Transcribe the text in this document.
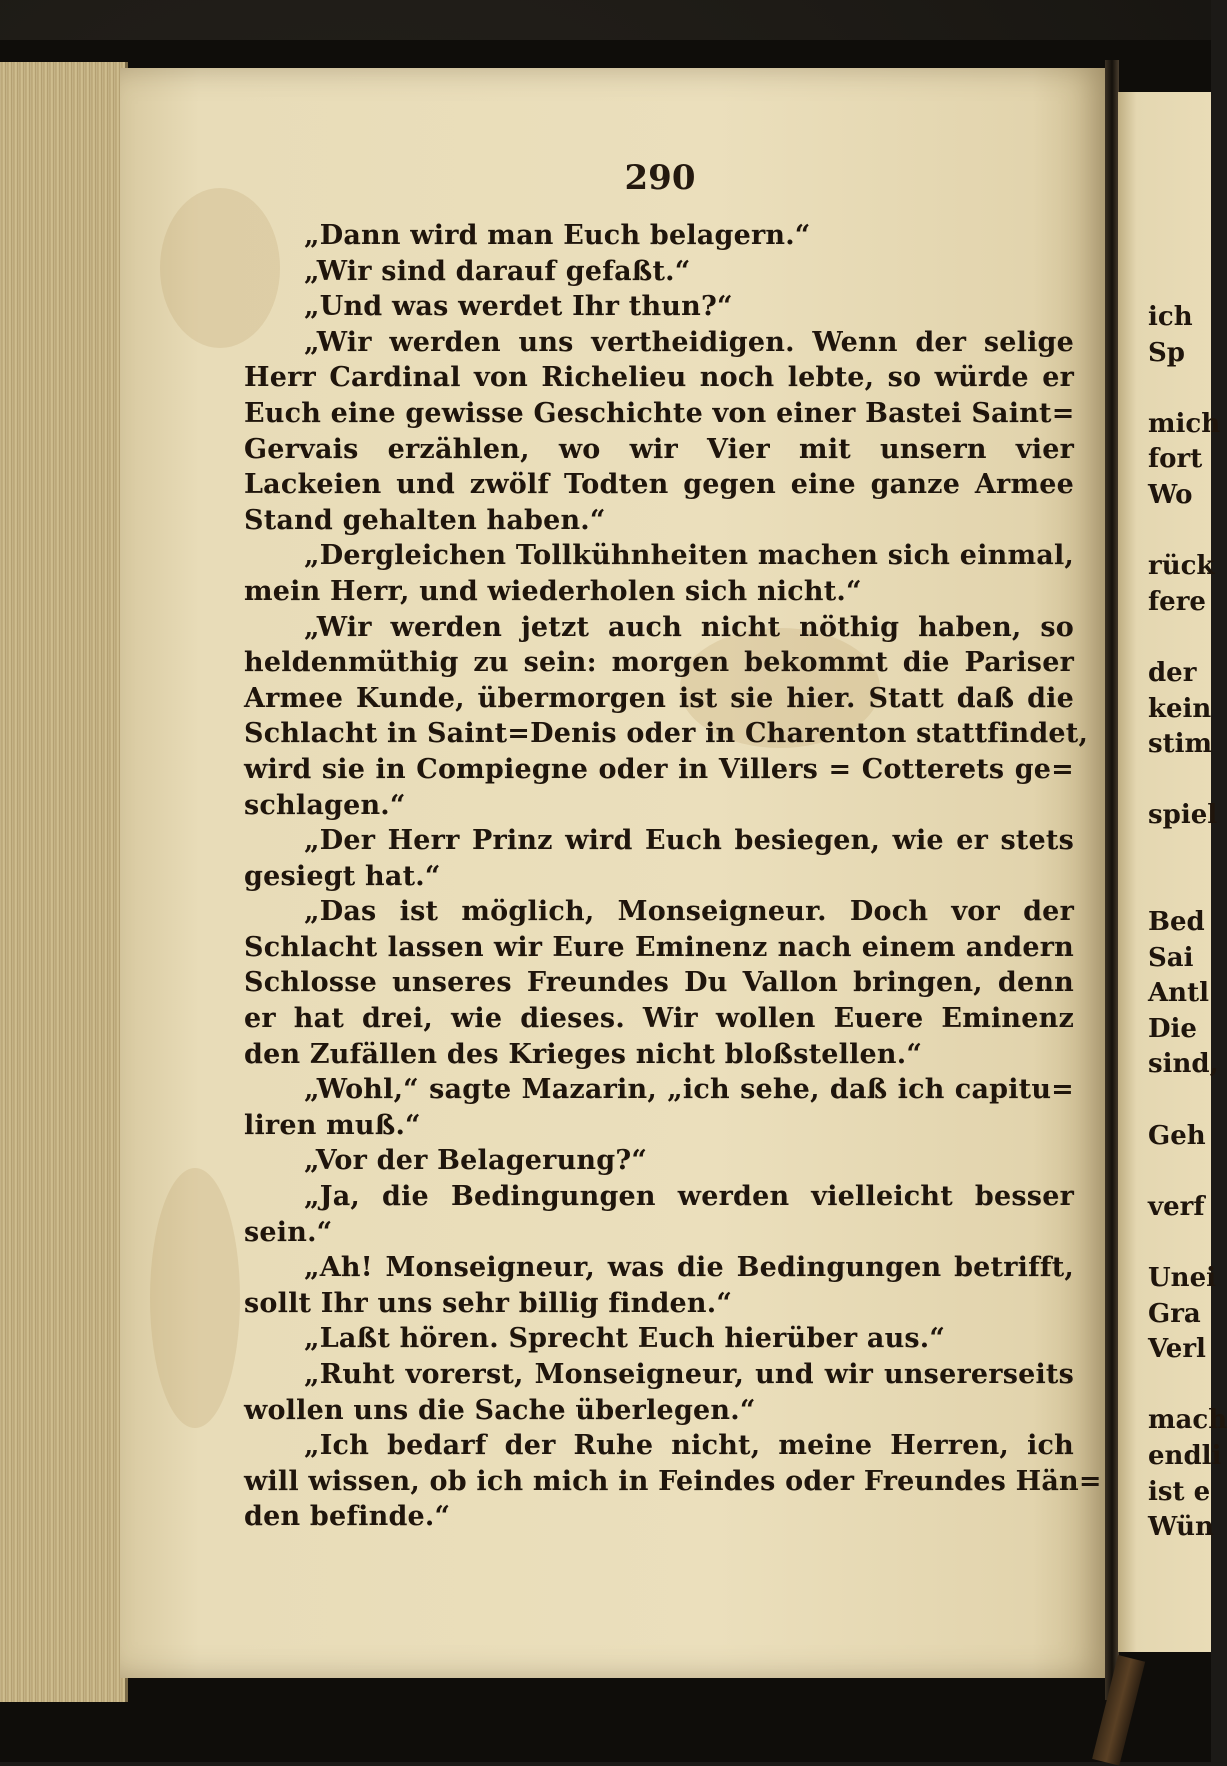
290
„Dann wird man Euch belagern.“
„Wir sind darauf gefaßt.“
„Und was werdet Ihr thun?“
„Wir werden uns vertheidigen. Wenn der selige
Herr Cardinal von Richelieu noch lebte, so würde er
Euch eine gewisse Geschichte von einer Bastei Saint=
Gervais erzählen, wo wir Vier mit unsern vier
Lackeien und zwölf Todten gegen eine ganze Armee
Stand gehalten haben.“
„Dergleichen Tollkühnheiten machen sich einmal,
mein Herr, und wiederholen sich nicht.“
„Wir werden jetzt auch nicht nöthig haben, so
heldenmüthig zu sein: morgen bekommt die Pariser
Armee Kunde, übermorgen ist sie hier. Statt daß die
Schlacht in Saint=Denis oder in Charenton stattfindet,
wird sie in Compiegne oder in Villers = Cotterets ge=
schlagen.“
„Der Herr Prinz wird Euch besiegen, wie er stets
gesiegt hat.“
„Das ist möglich, Monseigneur. Doch vor der
Schlacht lassen wir Eure Eminenz nach einem andern
Schlosse unseres Freundes Du Vallon bringen, denn
er hat drei, wie dieses. Wir wollen Euere Eminenz
den Zufällen des Krieges nicht bloßstellen.“
„Wohl,“ sagte Mazarin, „ich sehe, daß ich capitu=
liren muß.“
„Vor der Belagerung?“
„Ja, die Bedingungen werden vielleicht besser
sein.“
„Ah! Monseigneur, was die Bedingungen betrifft,
sollt Ihr uns sehr billig finden.“
„Laßt hören. Sprecht Euch hierüber aus.“
„Ruht vorerst, Monseigneur, und wir unsererseits
wollen uns die Sache überlegen.“
„Ich bedarf der Ruhe nicht, meine Herren, ich
will wissen, ob ich mich in Feindes oder Freundes Hän=
den befinde.“
ich
Sp
mich
fort
Wo
rück
fere
der
kein
stim
spiel
Bed
Sai
Antl
Die
sind,
Geh
verf
Unei
Gra
Verl
mach
endli
ist e
Wün
